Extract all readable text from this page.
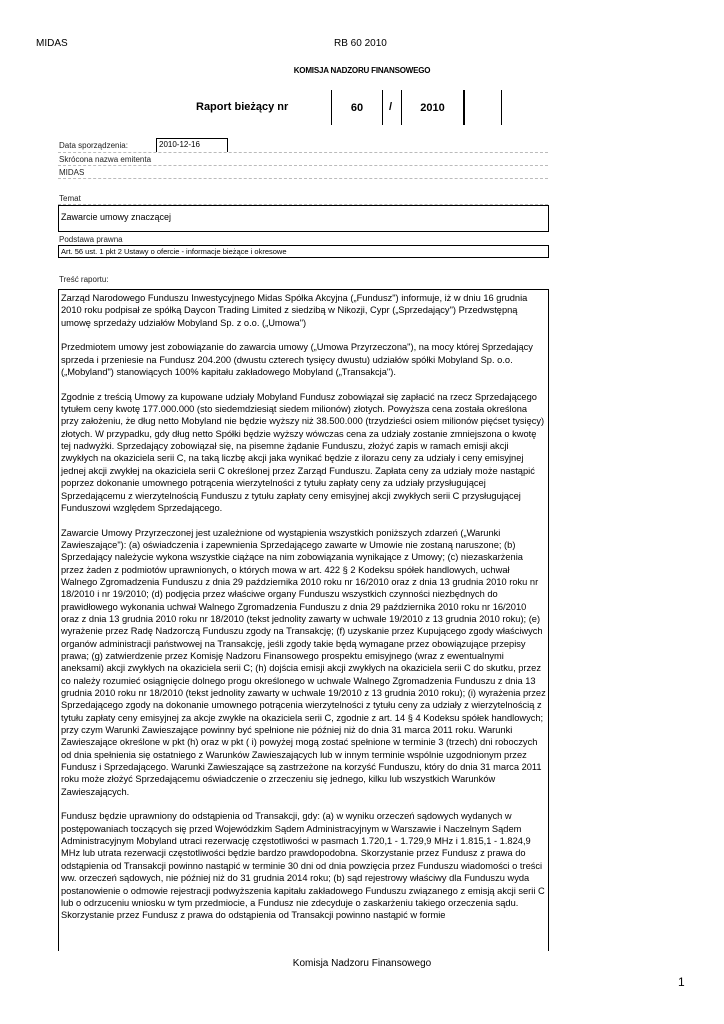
MIDAS	RB 60 2010
KOMISJA NADZORU FINANSOWEGO
Raport bieżący nr	60	/	2010
Data sporządzenia:	2010-12-16
Skrócona nazwa emitenta
MIDAS
Temat
Zawarcie umowy znaczącej
Podstawa prawna
Art. 56 ust. 1 pkt 2 Ustawy o ofercie - informacje bieżące i okresowe
Treść raportu:

Zarząd Narodowego Funduszu Inwestycyjnego Midas Spółka Akcyjna („Fundusz") informuje, iż w dniu 16 grudnia 2010 roku podpisał ze spółką Daycon Trading Limited z siedzibą w Nikozji, Cypr („Sprzedający") Przedwstępną umowę sprzedaży udziałów Mobyland Sp. z o.o. („Umowa")

Przedmiotem umowy jest zobowiązanie do zawarcia umowy („Umowa Przyrzeczona"), na mocy której Sprzedający sprzeda i przeniesie na Fundusz 204.200 (dwustu czterech tysięcy dwustu) udziałów spółki Mobyland Sp. o.o. („Mobyland") stanowiących 100% kapitału zakładowego Mobyland („Transakcja").

Zgodnie z treścią Umowy za kupowane udziały Mobyland Fundusz zobowiązał się zapłacić na rzecz Sprzedającego tytułem ceny kwotę 177.000.000 (sto siedemdziesiąt siedem milionów) złotych. Powyższa cena została określona przy założeniu, że dług netto Mobyland nie będzie wyższy niż 38.500.000 (trzydzieści osiem milionów pięćset tysięcy) złotych. W przypadku, gdy dług netto Spółki będzie wyższy wówczas cena za udziały zostanie zmniejszona o kwotę tej nadwyżki. Sprzedający zobowiązał się, na pisemne żądanie Funduszu, złożyć zapis w ramach emisji akcji zwykłych na okaziciela serii C, na taką liczbę akcji jaka wynikać będzie z ilorazu ceny za udziały i ceny emisyjnej jednej akcji zwykłej na okaziciela serii C określonej przez Zarząd Funduszu. Zapłata ceny za udziały może nastąpić poprzez dokonanie umownego potrącenia wierzytelności z tytułu zapłaty ceny za udziały przysługującej Sprzedającemu z wierzytelnością Funduszu z tytułu zapłaty ceny emisyjnej akcji zwykłych serii C przysługującej Funduszowi względem Sprzedającego.

Zawarcie Umowy Przyrzeczonej jest uzależnione od wystąpienia wszystkich poniższych zdarzeń („Warunki Zawieszające"): (a) oświadczenia i zapewnienia Sprzedającego zawarte w Umowie nie zostaną naruszone; (b) Sprzedający należycie wykona wszystkie ciążące na nim zobowiązania wynikające z Umowy; (c) niezaskarżenia przez żaden z podmiotów uprawnionych, o których mowa w art. 422 § 2 Kodeksu spółek handlowych, uchwał Walnego Zgromadzenia Funduszu z dnia 29 października 2010 roku nr 16/2010 oraz z dnia 13 grudnia 2010 roku nr 18/2010 i nr 19/2010; (d) podjęcia przez właściwe organy Funduszu wszystkich czynności niezbędnych do prawidłowego wykonania uchwał Walnego Zgromadzenia Funduszu z dnia 29 października 2010 roku nr 16/2010 oraz z dnia 13 grudnia 2010 roku nr 18/2010 (tekst jednolity zawarty w uchwale 19/2010 z 13 grudnia 2010 roku); (e) wyrażenie przez Radę Nadzorczą Funduszu zgody na Transakcję; (f) uzyskanie przez Kupującego zgody właściwych organów administracji państwowej na Transakcję, jeśli zgody takie będą wymagane przez obowiązujące przepisy prawa; (g) zatwierdzenie przez Komisję Nadzoru Finansowego prospektu emisyjnego (wraz z ewentualnymi aneksami) akcji zwykłych na okaziciela serii C; (h) dojścia emisji akcji zwykłych na okaziciela serii C do skutku, przez co należy rozumieć osiągnięcie dolnego progu określonego w uchwale Walnego Zgromadzenia Funduszu z dnia 13 grudnia 2010 roku nr 18/2010 (tekst jednolity zawarty w uchwale 19/2010 z 13 grudnia 2010 roku); (i) wyrażenia przez Sprzedającego zgody na dokonanie umownego potrącenia wierzytelności z tytułu ceny za udziały z wierzytelnością z tytułu zapłaty ceny emisyjnej za akcje zwykłe na okaziciela serii C, zgodnie z art. 14 § 4 Kodeksu spółek handlowych;
przy czym Warunki Zawieszające powinny być spełnione nie później niż do dnia 31 marca 2011 roku. Warunki Zawieszające określone w pkt (h) oraz w pkt ( i) powyżej mogą zostać spełnione w terminie 3 (trzech) dni roboczych od dnia spełnienia się ostatniego z Warunków Zawieszających lub w innym terminie wspólnie uzgodnionym przez Fundusz i Sprzedającego. Warunki Zawieszające są zastrzeżone na korzyść Funduszu, który do dnia 31 marca 2011 roku może złożyć Sprzedającemu oświadczenie o zrzeczeniu się jednego, kilku lub wszystkich Warunków Zawieszających.

Fundusz będzie uprawniony do odstąpienia od Transakcji, gdy: (a) w wyniku orzeczeń sądowych wydanych w postępowaniach toczących się przed Wojewódzkim Sądem Administracyjnym w Warszawie i Naczelnym Sądem Administracyjnym Mobyland utraci rezerwację częstotliwości w pasmach 1.720,1 - 1.729,9 MHz i 1.815,1 - 1.824,9 MHz lub utrata rezerwacji częstotliwości będzie bardzo prawdopodobna. Skorzystanie przez Fundusz z prawa do odstąpienia od Transakcji powinno nastąpić w terminie 30 dni od dnia powzięcia przez Funduszu wiadomości o treści ww. orzeczeń sądowych, nie później niż do 31 grudnia 2014 roku; (b) sąd rejestrowy właściwy dla Funduszu wyda postanowienie o odmowie rejestracji podwyższenia kapitału zakładowego Funduszu związanego z emisją akcji serii C lub o odrzuceniu wniosku w tym przedmiocie, a Fundusz nie zdecyduje o zaskarżeniu takiego orzeczenia sądu. Skorzystanie przez Fundusz z prawa do odstąpienia od Transakcji powinno nastąpić w formie

Komisja Nadzoru Finansowego
1
